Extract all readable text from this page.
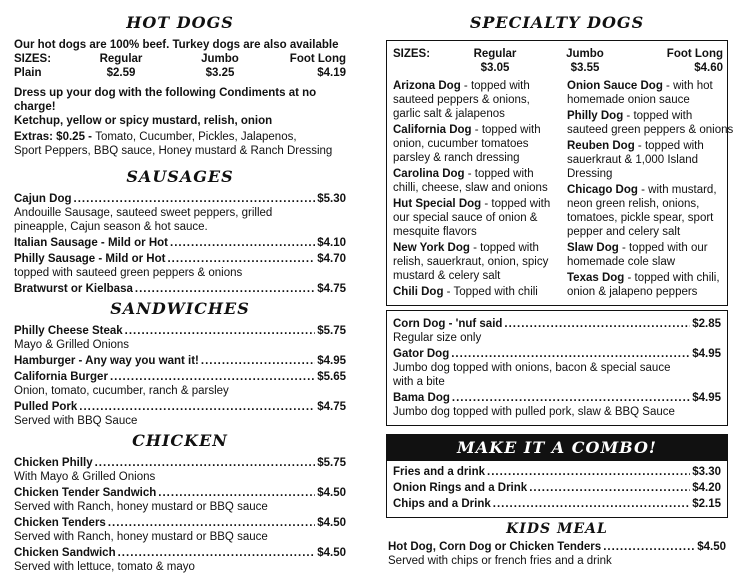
HOT DOGS
Our hot dogs are 100% beef. Turkey dogs are also available
SIZES:	Regular	Jumbo	Foot Long
Plain	$2.59	$3.25	$4.19
Dress up your dog with the following Condiments at no charge!
Ketchup, yellow or spicy mustard, relish, onion
Extras: $0.25 - Tomato, Cucumber, Pickles, Jalapenos,
Sport Peppers, BBQ sauce, Honey mustard & Ranch Dressing
SAUSAGES
Cajun Dog .....	$5.30
Andouille Sausage, sauteed sweet peppers, grilled
pineapple, Cajun season & hot sauce.
Italian Sausage - Mild or Hot .....	$4.10
Philly Sausage - Mild or Hot .....	$4.70
topped with sauteed green peppers & onions
Bratwurst or Kielbasa .....	$4.75
SANDWICHES
Philly Cheese Steak .....	$5.75
Mayo & Grilled Onions
Hamburger - Any way you want it! .....	$4.95
California Burger .....	$5.65
Onion, tomato, cucumber, ranch & parsley
Pulled Pork .....	$4.75
Served with BBQ Sauce
CHICKEN
Chicken Philly .....	$5.75
With Mayo & Grilled Onions
Chicken Tender Sandwich .....	$4.50
Served with Ranch, honey mustard or BBQ sauce
Chicken Tenders .....	$4.50
Served with Ranch, honey mustard or BBQ sauce
Chicken Sandwich .....	$4.50
Served with lettuce, tomato & mayo
SPECIALTY DOGS
SIZES:	Regular	Jumbo	Foot Long
$3.05	$3.55	$4.60
Arizona Dog - topped with
sauteed peppers & onions,
garlic salt & jalapenos
California Dog - topped with
onion, cucumber tomatoes
parsley & ranch dressing
Carolina Dog - topped with
chilli, cheese, slaw and onions
Hut Special Dog - topped with
our special sauce of onion &
mesquite flavors
New York Dog - topped with
relish, sauerkraut, onion, spicy
mustard & celery salt
Chili Dog - Topped with chili
Onion Sauce Dog - with hot
homemade onion sauce
Philly Dog - topped with
sauteed green peppers & onions
Reuben Dog - topped with
sauerkraut & 1,000 Island
Dressing
Chicago Dog - with mustard,
neon green relish, onions,
tomatoes, pickle spear, sport
pepper and celery salt
Slaw Dog - topped with our
homemade cole slaw
Texas Dog - topped with chili,
onion & jalapeno peppers
Corn Dog - 'nuf said .....	$2.85
Regular size only
Gator Dog .....	$4.95
Jumbo dog topped with onions, bacon & special sauce
with a bite
Bama Dog .....	$4.95
Jumbo dog topped with pulled pork, slaw & BBQ Sauce
MAKE IT A COMBO!
Fries and a drink .....	$3.30
Onion Rings and a Drink .....	$4.20
Chips and a Drink .....	$2.15
KIDS MEAL
Hot Dog, Corn Dog or Chicken Tenders .....	$4.50
Served with chips or french fries and a drink
